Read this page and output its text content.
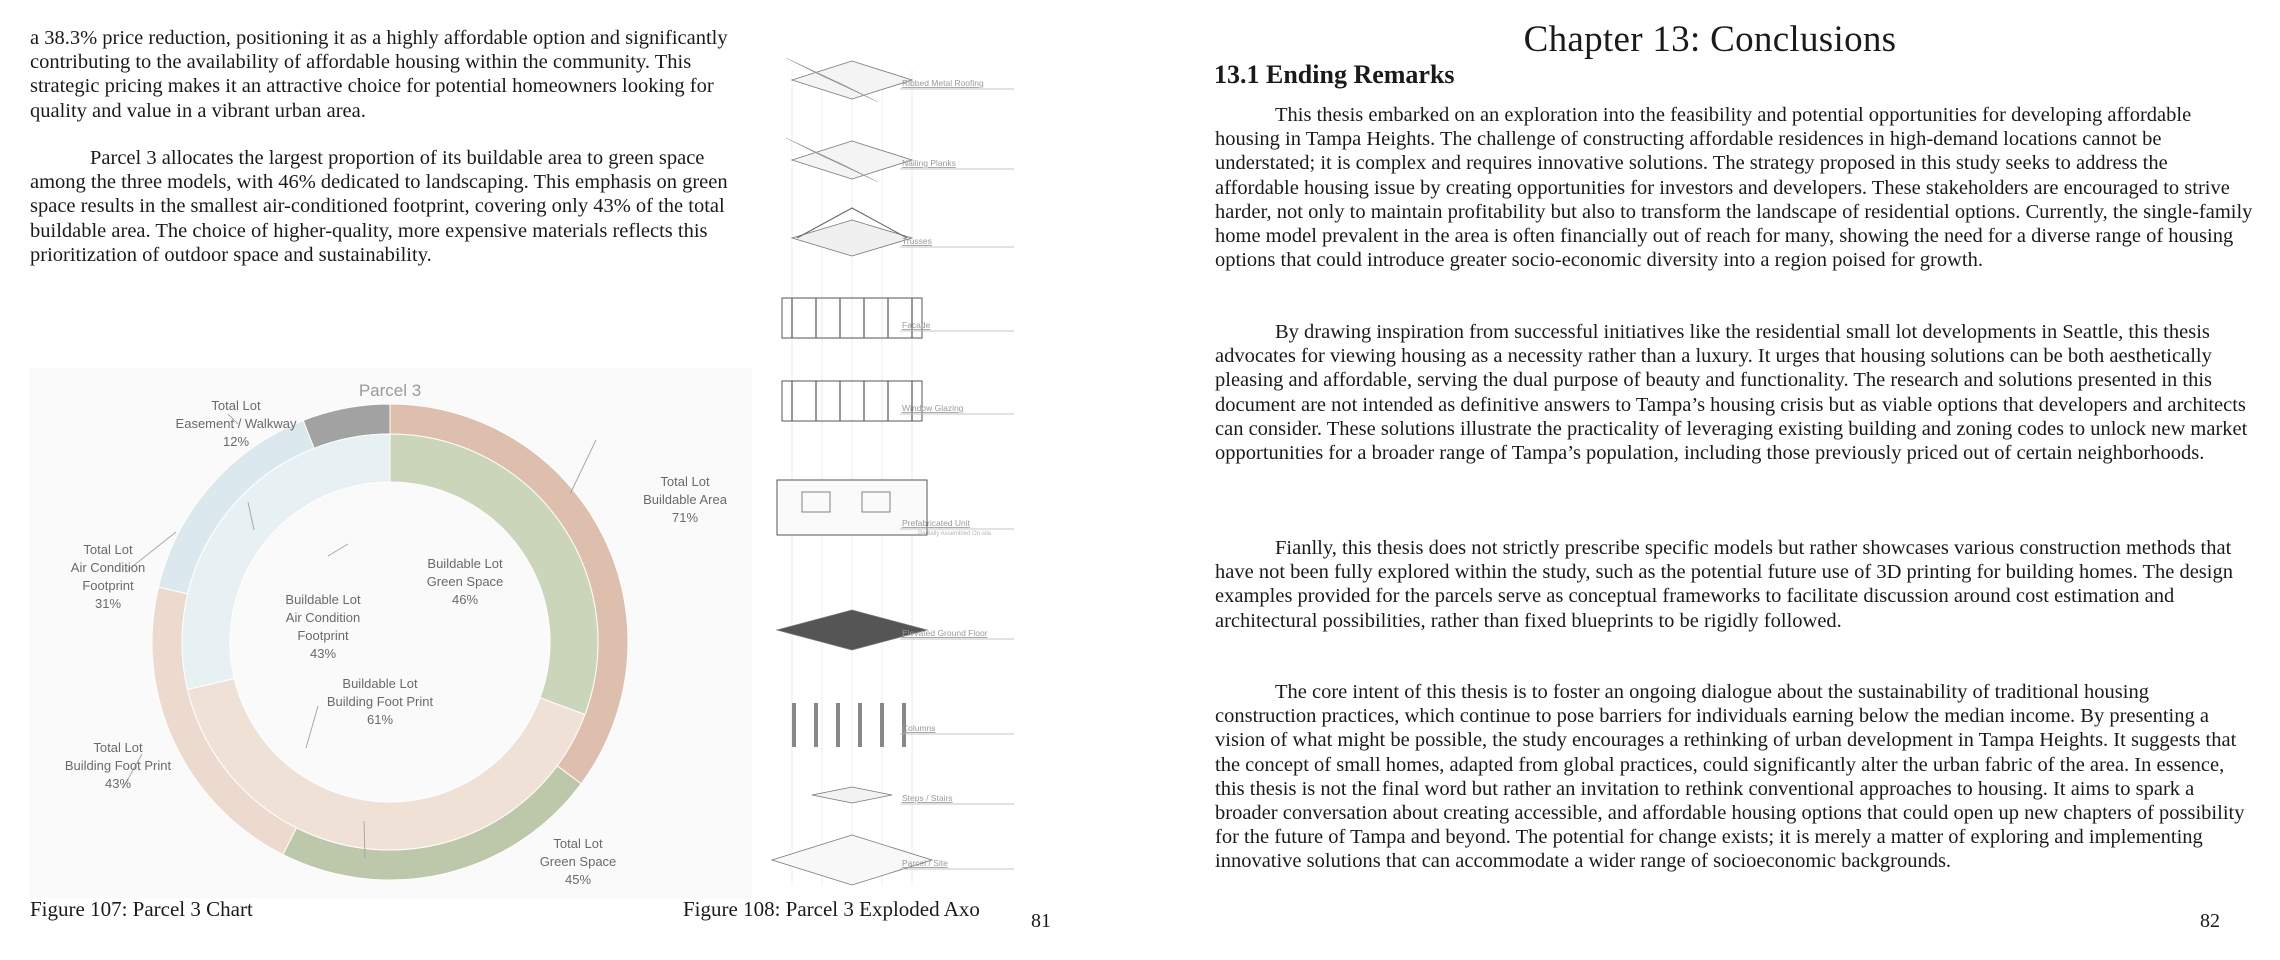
a 38.3% price reduction, positioning it as a highly affordable option and significantly contributing to the availability of affordable housing within the community. This strategic pricing makes it an attractive choice for potential homeowners looking for quality and value in a vibrant urban area.

Parcel 3 allocates the largest proportion of its buildable area to green space among the three models, with 46% dedicated to landscaping. This emphasis on green space results in the smallest air-conditioned footprint, covering only 43% of the total buildable area. The choice of higher-quality, more expensive materials reflects this prioritization of outdoor space and sustainability.

Parcel 3
Total Lot Buildable Area 71%
Total Lot Green Space 45%
Total Lot Building Foot Print 43%
Total Lot Air Condition Footprint 31%
Total Lot Easement / Walkway 12%
Buildable Lot Green Space 46%
Buildable Lot Building Foot Print 61%
Buildable Lot Air Condition Footprint 43%
Ribbed Metal Roofing
Nailing Planks
Trusses
Facade
Window Glazing
Prefabricated Unit
Partially Assembled On-site
Elevated Ground Floor
Columns
Steps / Stairs
Parcel / Site
Figure 107: Parcel 3 Chart	Figure 108: Parcel 3 Exploded Axo	81
Chapter 13: Conclusions
13.1 Ending Remarks

This thesis embarked on an exploration into the feasibility and potential opportunities for developing affordable housing in Tampa Heights. The challenge of constructing affordable residences in high-demand locations cannot be understated; it is complex and requires innovative solutions. The strategy proposed in this study seeks to address the affordable housing issue by creating opportunities for investors and developers. These stakeholders are encouraged to strive harder, not only to maintain profitability but also to transform the landscape of residential options. Currently, the single-family home model prevalent in the area is often financially out of reach for many, showing the need for a diverse range of housing options that could introduce greater socio-economic diversity into a region poised for growth.

By drawing inspiration from successful initiatives like the residential small lot developments in Seattle, this thesis advocates for viewing housing as a necessity rather than a luxury. It urges that housing solutions can be both aesthetically pleasing and affordable, serving the dual purpose of beauty and functionality. The research and solutions presented in this document are not intended as definitive answers to Tampa’s housing crisis but as viable options that developers and architects can consider. These solutions illustrate the practicality of leveraging existing building and zoning codes to unlock new market opportunities for a broader range of Tampa’s population, including those previously priced out of certain neighborhoods.

Fianlly, this thesis does not strictly prescribe specific models but rather showcases various construction methods that have not been fully explored within the study, such as the potential future use of 3D printing for building homes. The design examples provided for the parcels serve as conceptual frameworks to facilitate discussion around cost estimation and architectural possibilities, rather than fixed blueprints to be rigidly followed.

The core intent of this thesis is to foster an ongoing dialogue about the sustainability of traditional housing construction practices, which continue to pose barriers for individuals earning below the median income. By presenting a vision of what might be possible, the study encourages a rethinking of urban development in Tampa Heights. It suggests that the concept of small homes, adapted from global practices, could significantly alter the urban fabric of the area. In essence, this thesis is not the final word but rather an invitation to rethink conventional approaches to housing. It aims to spark a broader conversation about creating accessible, and affordable housing options that could open up new chapters of possibility for the future of Tampa and beyond. The potential for change exists; it is merely a matter of exploring and implementing innovative solutions that can accommodate a wider range of socioeconomic backgrounds.

82
